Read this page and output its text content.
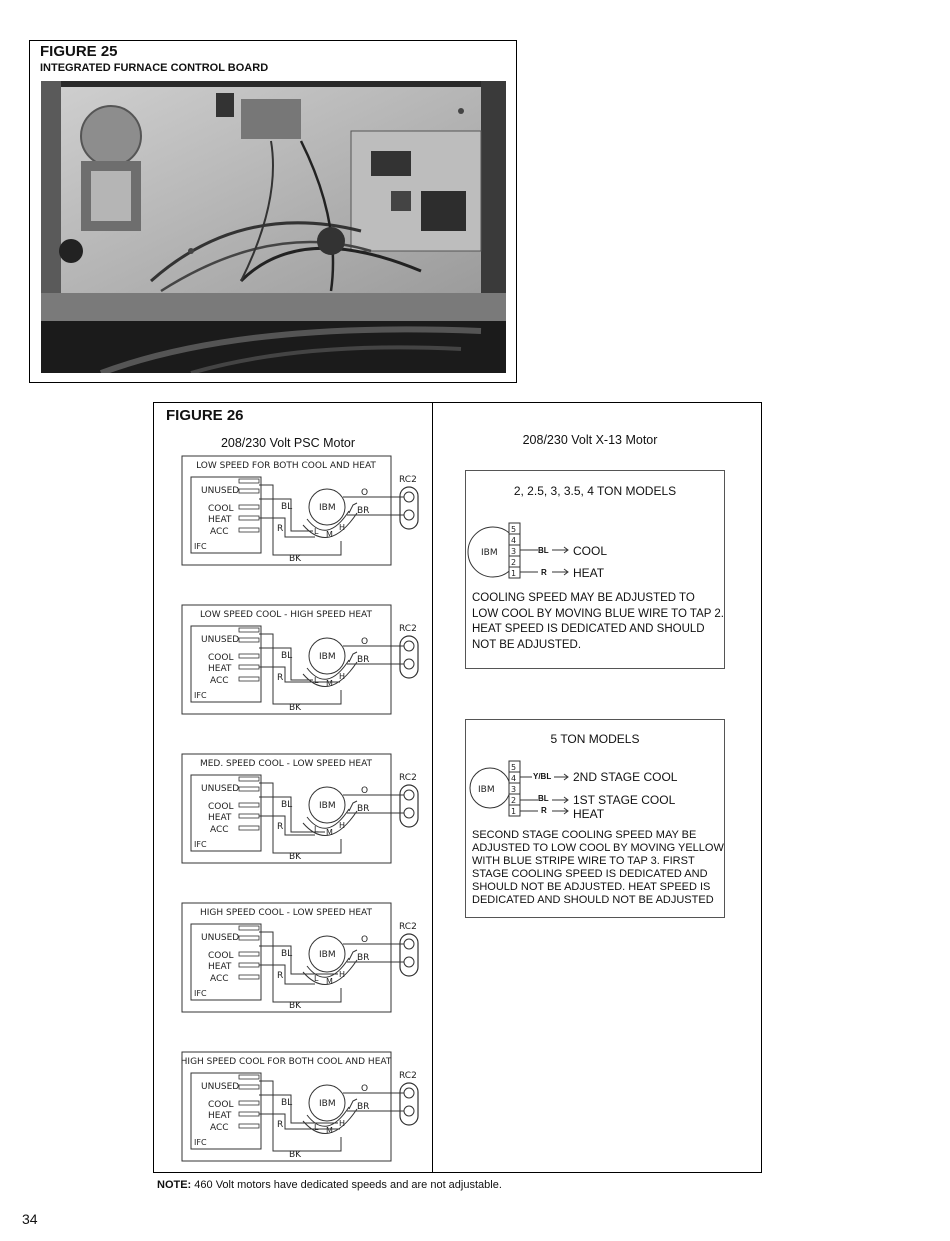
FIGURE 25
INTEGRATED FURNACE CONTROL BOARD
FIGURE 26
208/230 Volt PSC Motor	208/230 Volt X-13 Motor
LOW SPEED FOR BOTH COOL AND HEAT
UNUSED
COOL
HEAT
ACC
IFC
IBM
L M
H
BL
R
BK
O
BR
RC2
LOW SPEED COOL - HIGH SPEED HEAT
UNUSED
COOL
HEAT
ACC
IFC
IBM
L M
H
BL
R
BK
O
BR
RC2
MED. SPEED COOL - LOW SPEED HEAT
UNUSED
COOL
HEAT
ACC
IFC
IBM
L M
H
BL
R
BK
O
BR
RC2
HIGH SPEED COOL - LOW SPEED HEAT
UNUSED
COOL
HEAT
ACC
IFC
IBM
L M
H
BL
R
BK
O
BR
RC2
HIGH SPEED COOL FOR BOTH COOL AND HEAT
UNUSED
COOL
HEAT
ACC
IFC
IBM
L M
H
BL
R
BK
O
BR
RC2
2, 2.5, 3, 3.5, 4 TON MODELS
5
4
3
2
1
IBM	BL
R
COOL
HEAT
COOLING SPEED MAY BE ADJUSTED TO LOW COOL BY MOVING BLUE WIRE TO TAP 2. HEAT SPEED IS DEDICATED AND SHOULD NOT BE ADJUSTED.
5 TON MODELS
5
4
3
2
1
IBM
Y/BL
BL
R
2ND STAGE COOL
1ST STAGE COOL
HEAT
SECOND STAGE COOLING SPEED MAY BE ADJUSTED TO LOW COOL BY MOVING YELLOW WITH BLUE STRIPE WIRE TO TAP 3. FIRST STAGE COOLING SPEED IS DEDICATED AND SHOULD NOT BE ADJUSTED. HEAT SPEED IS DEDICATED AND SHOULD NOT BE ADJUSTED
NOTE: 460 Volt motors have dedicated speeds and are not adjustable.
34
